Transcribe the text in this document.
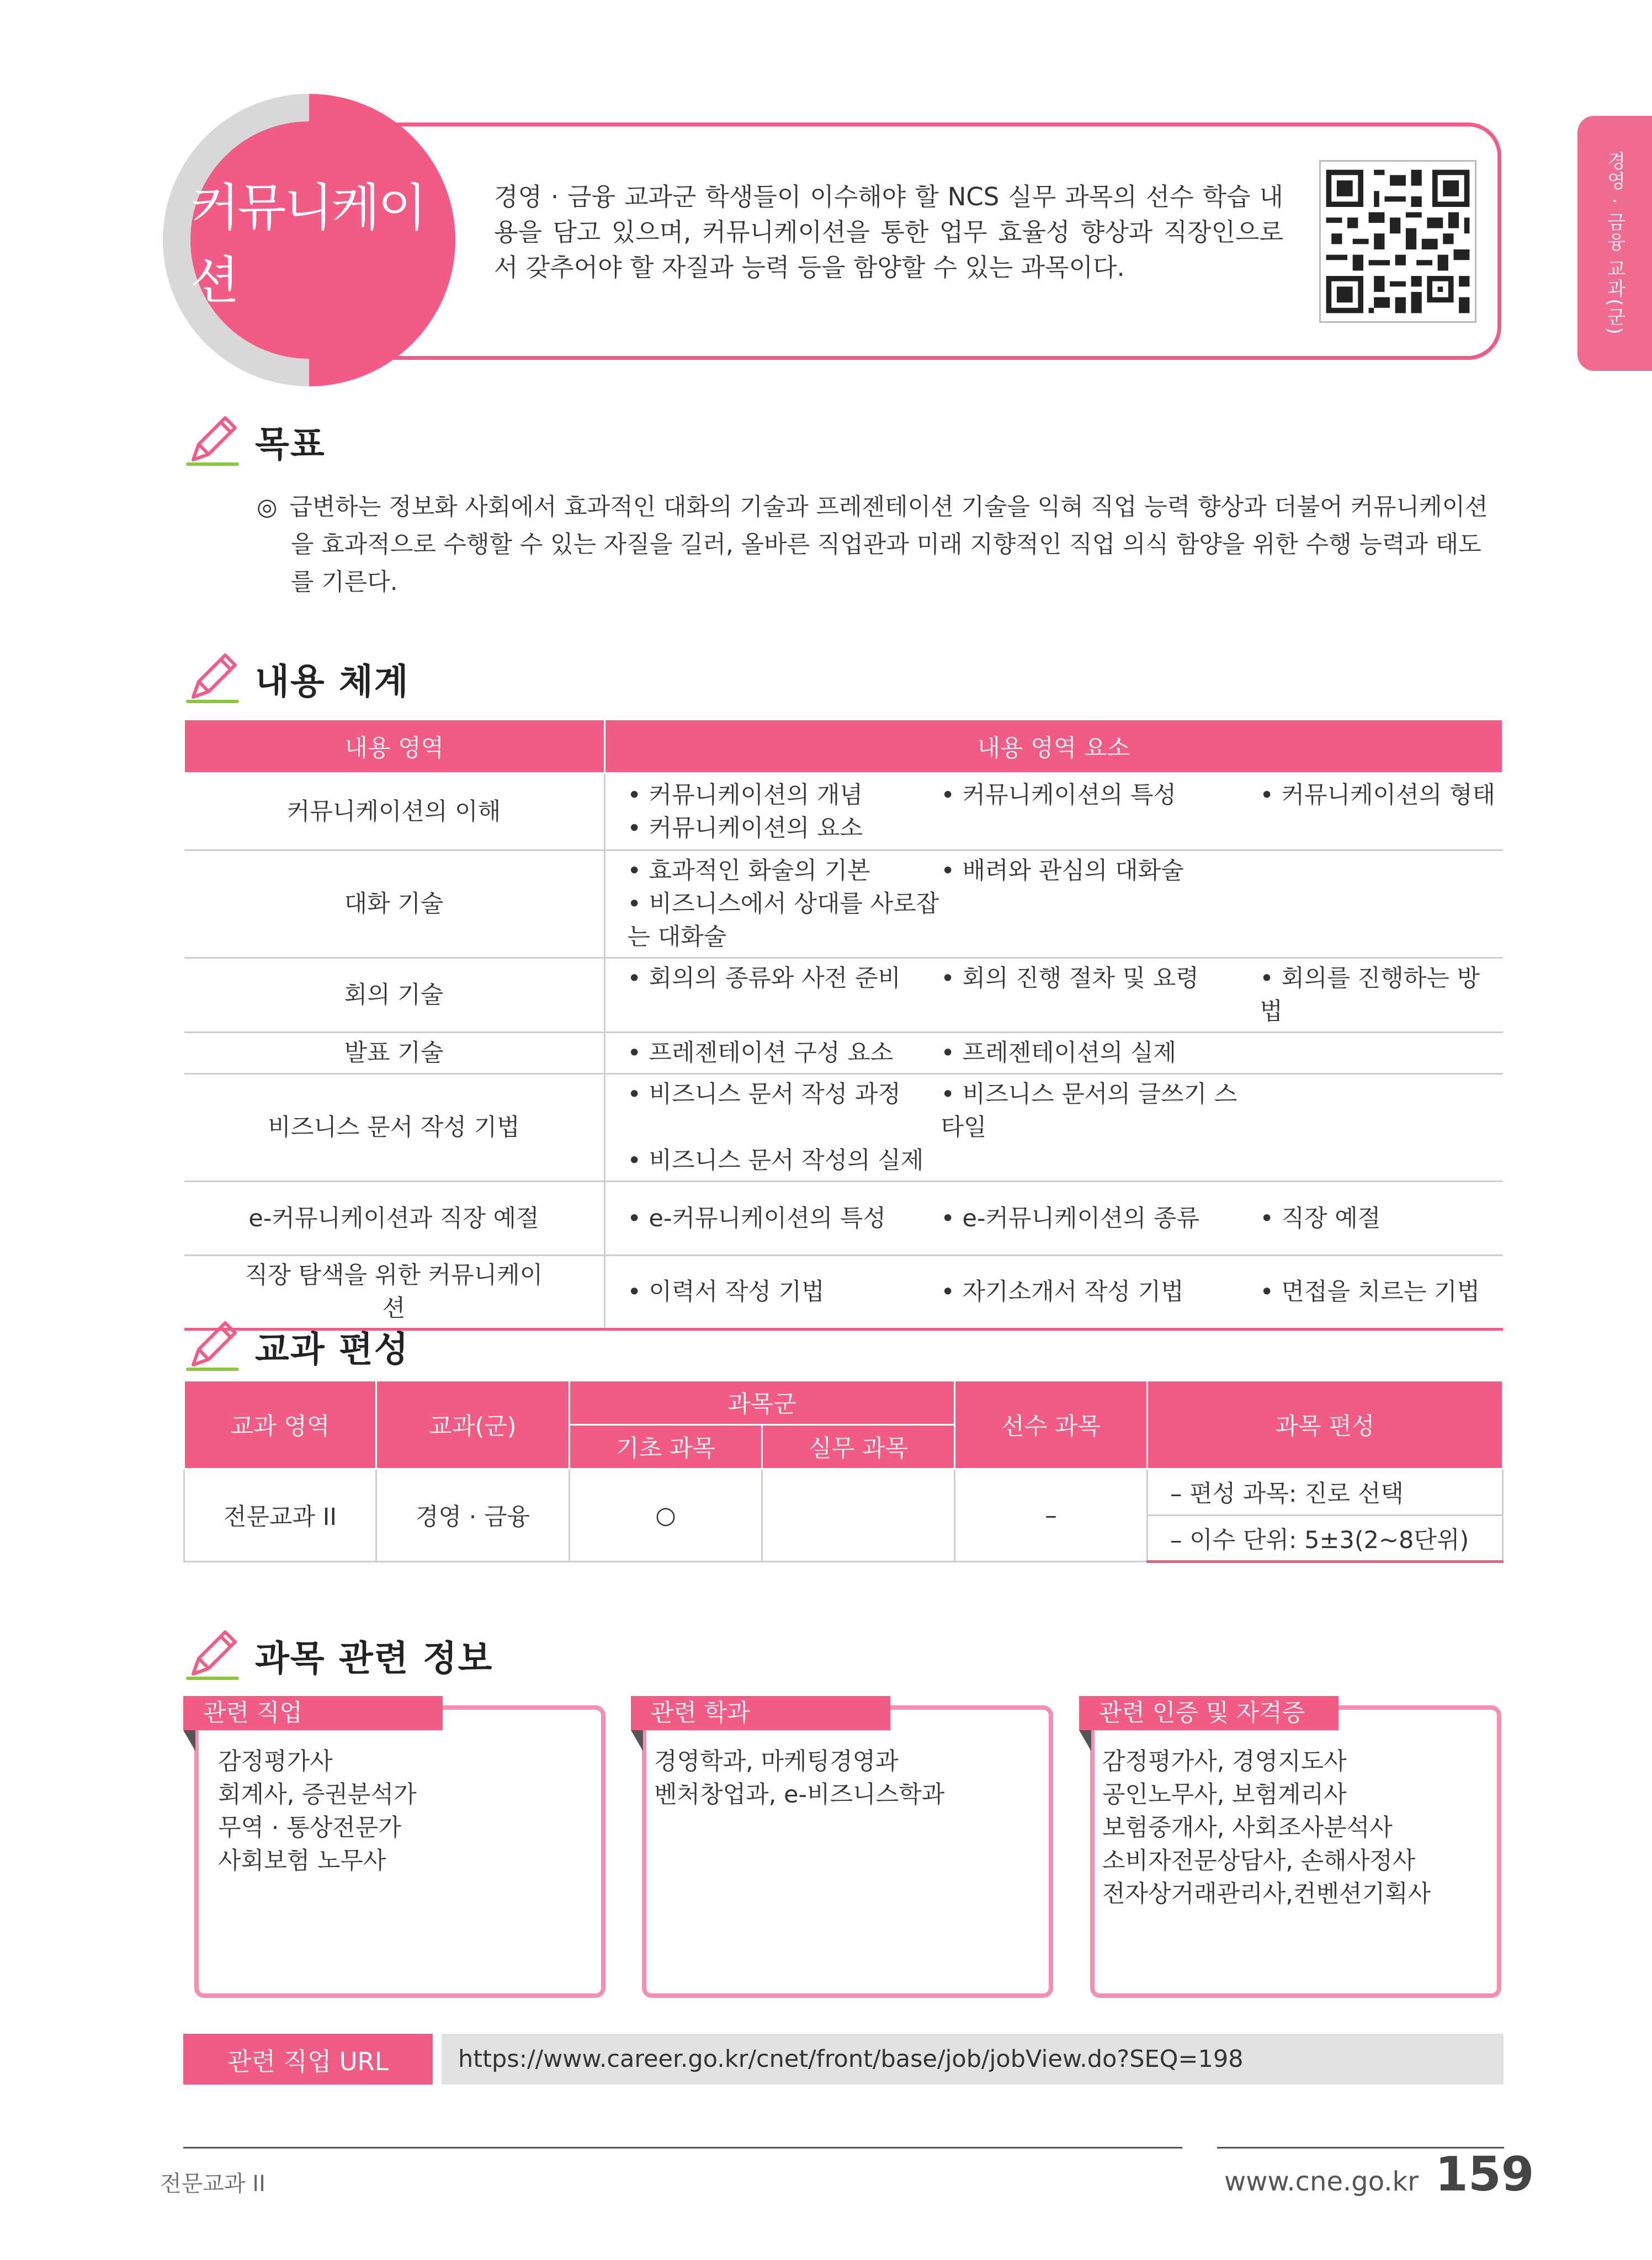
커뮤니케이션
경영 · 금융 교과군 학생들이 이수해야 할 NCS 실무 과목의 선수 학습 내용을 담고 있으며, 커뮤니케이션을 통한 업무 효율성 향상과 직장인으로서 갖추어야 할 자질과 능력 등을 함양할 수 있는 과목이다.	경영 · 금융 교과(군)
목표
◎ 급변하는 정보화 사회에서 효과적인 대화의 기술과 프레젠테이션 기술을 익혀 직업 능력 향상과 더불어 커뮤니케이션을 효과적으로 수행할 수 있는 자질을 길러, 올바른 직업관과 미래 지향적인 직업 의식 함양을 위한 수행 능력과 태도를 기른다.
내용 체계
내용 영역	내용 영역 요소
커뮤니케이션의 이해	• 커뮤니케이션의 개념 • 커뮤니케이션의 특성 • 커뮤니케이션의 형태
• 커뮤니케이션의 요소

대화 기술	• 효과적인 화술의 기본 • 배려와 관심의 대화술
• 비즈니스에서 상대를 사로잡는 대화술

회의 기술	• 회의의 종류와 사전 준비 • 회의 진행 절차 및 요령 • 회의를 진행하는 방법

발표 기술	• 프레젠테이션 구성 요소 • 프레젠테이션의 실제

비즈니스 문서 작성 기법	• 비즈니스 문서 작성 과정 • 비즈니스 문서의 글쓰기 스타일
• 비즈니스 문서 작성의 실제

e-커뮤니케이션과 직장 예절	• e-커뮤니케이션의 특성 • e-커뮤니케이션의 종류 • 직장 예절

직장 탐색을 위한 커뮤니케이션	• 이력서 작성 기법 • 자기소개서 작성 기법 • 면접을 치르는 기법
교과 편성
교과 영역	교과(군)	과목군		선수 과목	과목 편성
		기초 과목	실무 과목		
전문교과 II	경영 · 금융	○		–	– 편성 과목: 진로 선택
					– 이수 단위: 5±3(2~8단위)
과목 관련 정보
관련 직업
감정평가사
회계사, 증권분석가
무역 · 통상전문가
사회보험 노무사
관련 학과
경영학과, 마케팅경영과
벤처창업과, e-비즈니스학과
관련 인증 및 자격증
감정평가사, 경영지도사
공인노무사, 보험계리사
보험중개사, 사회조사분석사
소비자전문상담사, 손해사정사
전자상거래관리사,컨벤션기획사
관련 직업 URL	https://www.career.go.kr/cnet/front/base/job/jobView.do?SEQ=198
전문교과 II	www.cne.go.kr 159
